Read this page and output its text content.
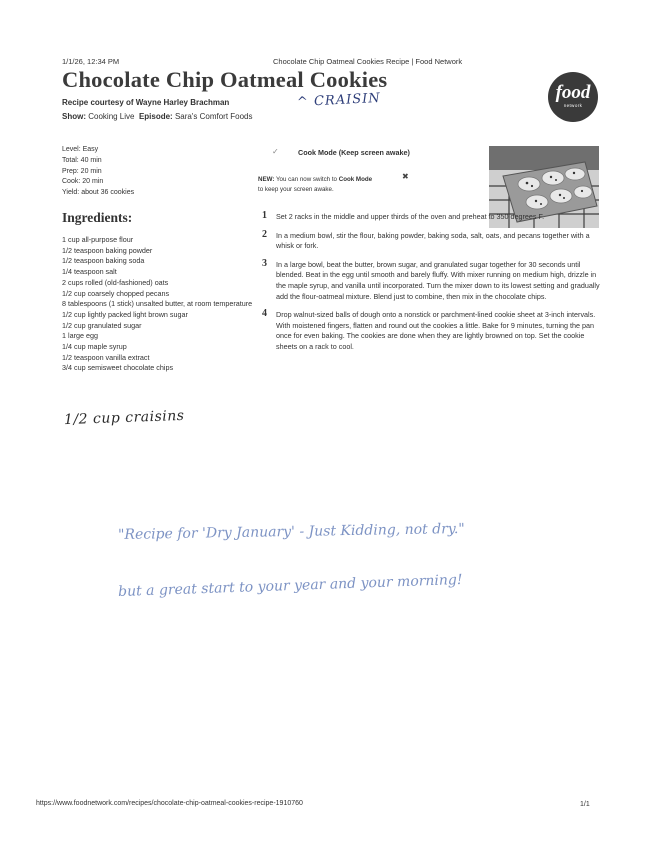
1/1/26, 12:34 PM	Chocolate Chip Oatmeal Cookies Recipe | Food Network
Chocolate Chip Oatmeal Cookies
^ CRAISIN
Recipe courtesy of Wayne Harley Brachman
Show: Cooking Live Episode: Sara's Comfort Foods
food
network
Level: Easy
Total: 40 min
Prep: 20 min
Cook: 20 min
Yield: about 36 cookies
Ingredients:
1 cup all-purpose flour
1/2 teaspoon baking powder
1/2 teaspoon baking soda
1/4 teaspoon salt
2 cups rolled (old-fashioned) oats
1/2 cup coarsely chopped pecans
8 tablespoons (1 stick) unsalted butter, at room temperature
1/2 cup lightly packed light brown sugar
1/2 cup granulated sugar
1 large egg
1/4 cup maple syrup
1/2 teaspoon vanilla extract
3/4 cup semisweet chocolate chips
1/2 cup craisins
✓	Cook Mode (Keep screen awake)
NEW: You can now switch to Cook Mode
to keep your screen awake.
✖
1 Set 2 racks in the middle and upper thirds of the oven and preheat to 350 degrees F.
2 In a medium bowl, stir the flour, baking powder, baking soda, salt, oats, and pecans together with a whisk or fork.
3 In a large bowl, beat the butter, brown sugar, and granulated sugar together for 30 seconds until blended. Beat in the egg until smooth and barely fluffy. With mixer running on medium high, drizzle in the maple syrup, and vanilla until incorporated. Turn the mixer down to its lowest setting and gradually add the flour-oatmeal mixture. Blend just to combine, then mix in the chocolate chips.
4 Drop walnut-sized balls of dough onto a nonstick or parchment-lined cookie sheet at 3-inch intervals. With moistened fingers, flatten and round out the cookies a little. Bake for 9 minutes, turning the pan once for even baking. The cookies are done when they are lightly browned on top. Set the cookie sheets on a rack to cool.
"Recipe for 'Dry January' - Just Kidding, not dry."
but a great start to your year and your morning!
https://www.foodnetwork.com/recipes/chocolate-chip-oatmeal-cookies-recipe-1910760	1/1
